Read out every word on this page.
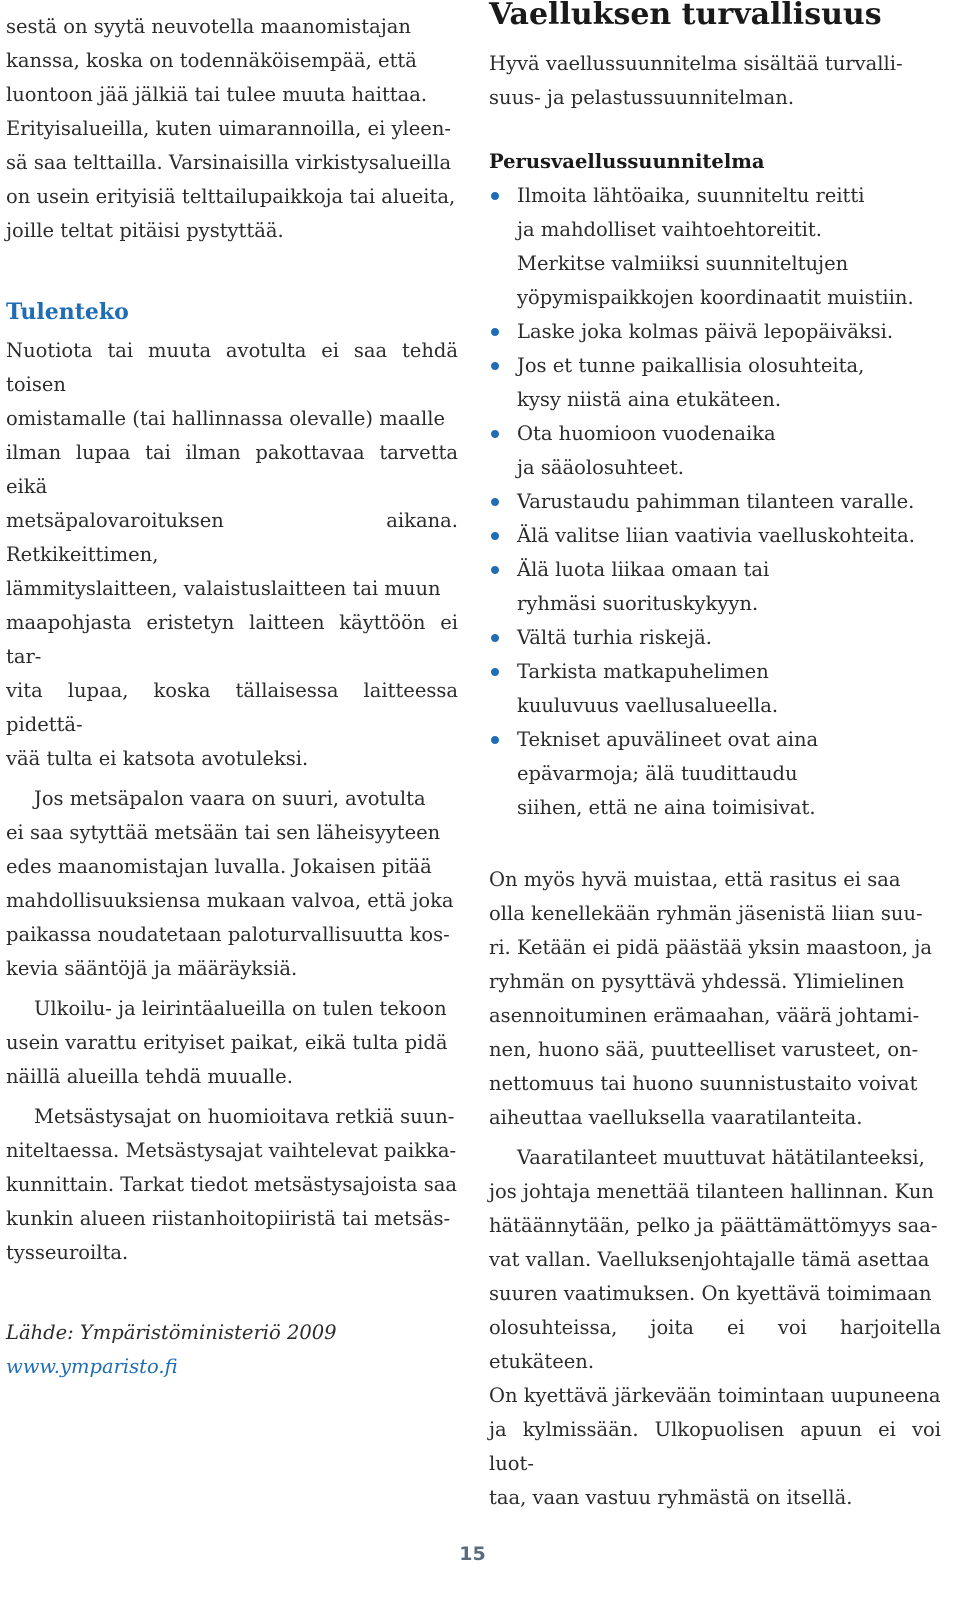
sestä on syytä neuvotella maanomistajan
kanssa, koska on todennäköisempää, että
luontoon jää jälkiä tai tulee muuta haittaa.
Erityisalueilla, kuten uimarannoilla, ei yleen-
sä saa telttailla. Varsinaisilla virkistysalueilla
on usein erityisiä telttailupaikkoja tai alueita,
joille teltat pitäisi pystyttää.

Tulenteko

Nuotiota tai muuta avotulta ei saa tehdä toisen
omistamalle (tai hallinnassa olevalle) maalle
ilman lupaa tai ilman pakottavaa tarvetta eikä
metsäpalovaroituksen aikana. Retkikeittimen,
lämmityslaitteen, valaistuslaitteen tai muun
maapohjasta eristetyn laitteen käyttöön ei tar-
vita lupaa, koska tällaisessa laitteessa pidettä-
vää tulta ei katsota avotuleksi.

Jos metsäpalon vaara on suuri, avotulta
ei saa sytyttää metsään tai sen läheisyyteen
edes maanomistajan luvalla. Jokaisen pitää
mahdollisuuksiensa mukaan valvoa, että joka
paikassa noudatetaan paloturvallisuutta kos-
kevia sääntöjä ja määräyksiä.

Ulkoilu- ja leirintäalueilla on tulen tekoon
usein varattu erityiset paikat, eikä tulta pidä
näillä alueilla tehdä muualle.

Metsästysajat on huomioitava retkiä suun-
niteltaessa. Metsästysajat vaihtelevat paikka-
kunnittain. Tarkat tiedot metsästysajoista saa
kunkin alueen riistanhoitopiiristä tai metsäs-
tysseuroilta.

Lähde: Ympäristöministeriö 2009
www.ymparisto.fi
Vaelluksen turvallisuus

Hyvä vaellussuunnitelma sisältää turvalli-
suus- ja pelastussuunnitelman.

Perusvaellussuunnitelma
Ilmoita lähtöaika, suunniteltu reitti
ja mahdolliset vaihtoehtoreitit.
Merkitse valmiiksi suunniteltujen
yöpymispaikkojen koordinaatit muistiin.
Laske joka kolmas päivä lepopäiväksi.
Jos et tunne paikallisia olosuhteita,
kysy niistä aina etukäteen.
Ota huomioon vuodenaika
ja sääolosuhteet.
Varustaudu pahimman tilanteen varalle.
Älä valitse liian vaativia vaelluskohteita.
Älä luota liikaa omaan tai
ryhmäsi suorituskykyyn.
Vältä turhia riskejä.
Tarkista matkapuhelimen
kuuluvuus vaellusalueella.
Tekniset apuvälineet ovat aina
epävarmoja; älä tuudittaudu
siihen, että ne aina toimisivat.

On myös hyvä muistaa, että rasitus ei saa
olla kenellekään ryhmän jäsenistä liian suu-
ri. Ketään ei pidä päästää yksin maastoon, ja
ryhmän on pysyttävä yhdessä. Ylimielinen
asennoituminen erämaahan, väärä johtami-
nen, huono sää, puutteelliset varusteet, on-
nettomuus tai huono suunnistustaito voivat
aiheuttaa vaelluksella vaaratilanteita.

Vaaratilanteet muuttuvat hätätilanteeksi,
jos johtaja menettää tilanteen hallinnan. Kun
hätäännytään, pelko ja päättämättömyys saa-
vat vallan. Vaelluksenjohtajalle tämä asettaa
suuren vaatimuksen. On kyettävä toimimaan
olosuhteissa, joita ei voi harjoitella etukäteen.
On kyettävä järkevään toimintaan uupuneena
ja kylmissään. Ulkopuolisen apuun ei voi luot-
taa, vaan vastuu ryhmästä on itsellä.

15
